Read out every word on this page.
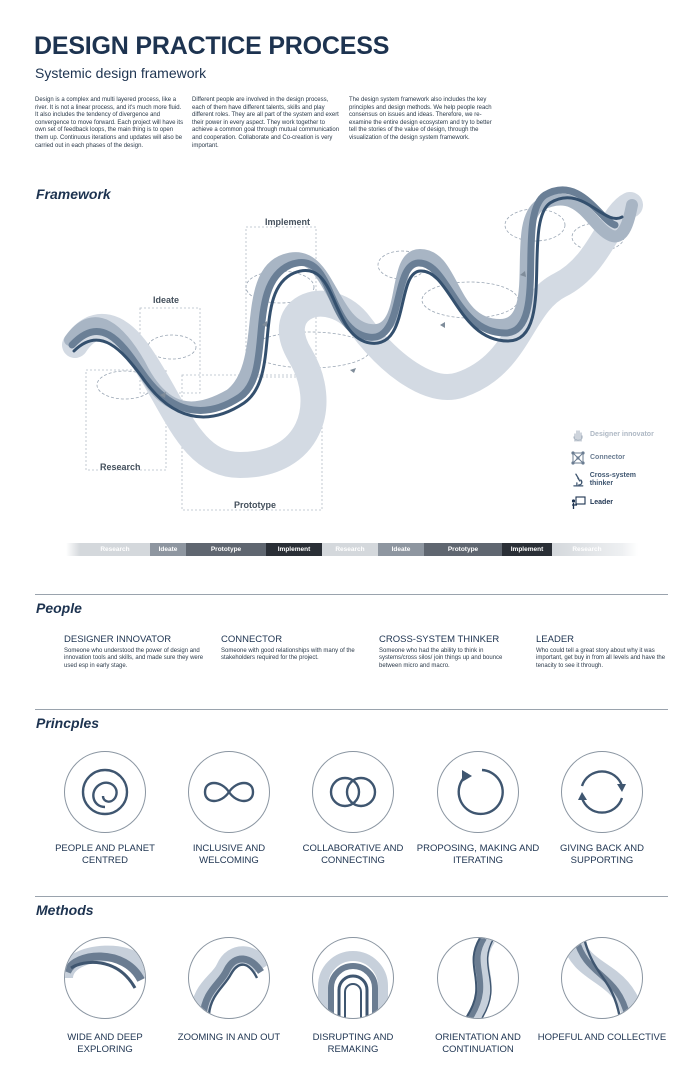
DESIGN PRACTICE PROCESS
Systemic design framework

Design is a complex and multi layered process, like a river. It is not a linear process, and it's much more fluid. It also includes the tendency of divergence and convergence to move forward. Each project will have its own set of feedback loops, the main thing is to open them up. Continuous iterations and updates will also be carried out in each phases of the design.

Different people are involved in the design process, each of them have different talents, skills and play different roles. They are all part of the system and exert their power in every aspect. They work together to achieve a common goal through mutual communication and cooperation. Collaborate and Co-creation is very important.

The design system framework also includes the key principles and design methods. We help people reach consensus on issues and ideas. Therefore, we re-examine the entire design ecosystem and try to better tell the stories of the value of design, through the visualization of the design system framework.

Framework
Implement
Ideate
Research
Prototype
Designer innovator
Connector
Cross-system thinker
Leader
Research	Ideate	Prototype	Implement	Research	Ideate	Prototype	Implement	Research
People
DESIGNER INNOVATOR

Someone who understood the power of design and innovation tools and skills, and made sure they were used esp in early stage.

CONNECTOR

Someone with good relationships with many of the stakeholders required for the project.

CROSS-SYSTEM THINKER

Someone who had the ability to think in systems/cross silos/ join things up and bounce between micro and macro.

LEADER

Who could tell a great story about why it was important, get buy in from all levels and have the tenacity to see it through.

Princples
PEOPLE AND PLANET CENTRED
INCLUSIVE AND WELCOMING
COLLABORATIVE AND CONNECTING
PROPOSING, MAKING AND ITERATING
GIVING BACK AND SUPPORTING
Methods
WIDE AND DEEP EXPLORING
ZOOMING IN AND OUT	DISRUPTING AND REMAKING
ORIENTATION AND CONTINUATION
HOPEFUL AND COLLECTIVE
